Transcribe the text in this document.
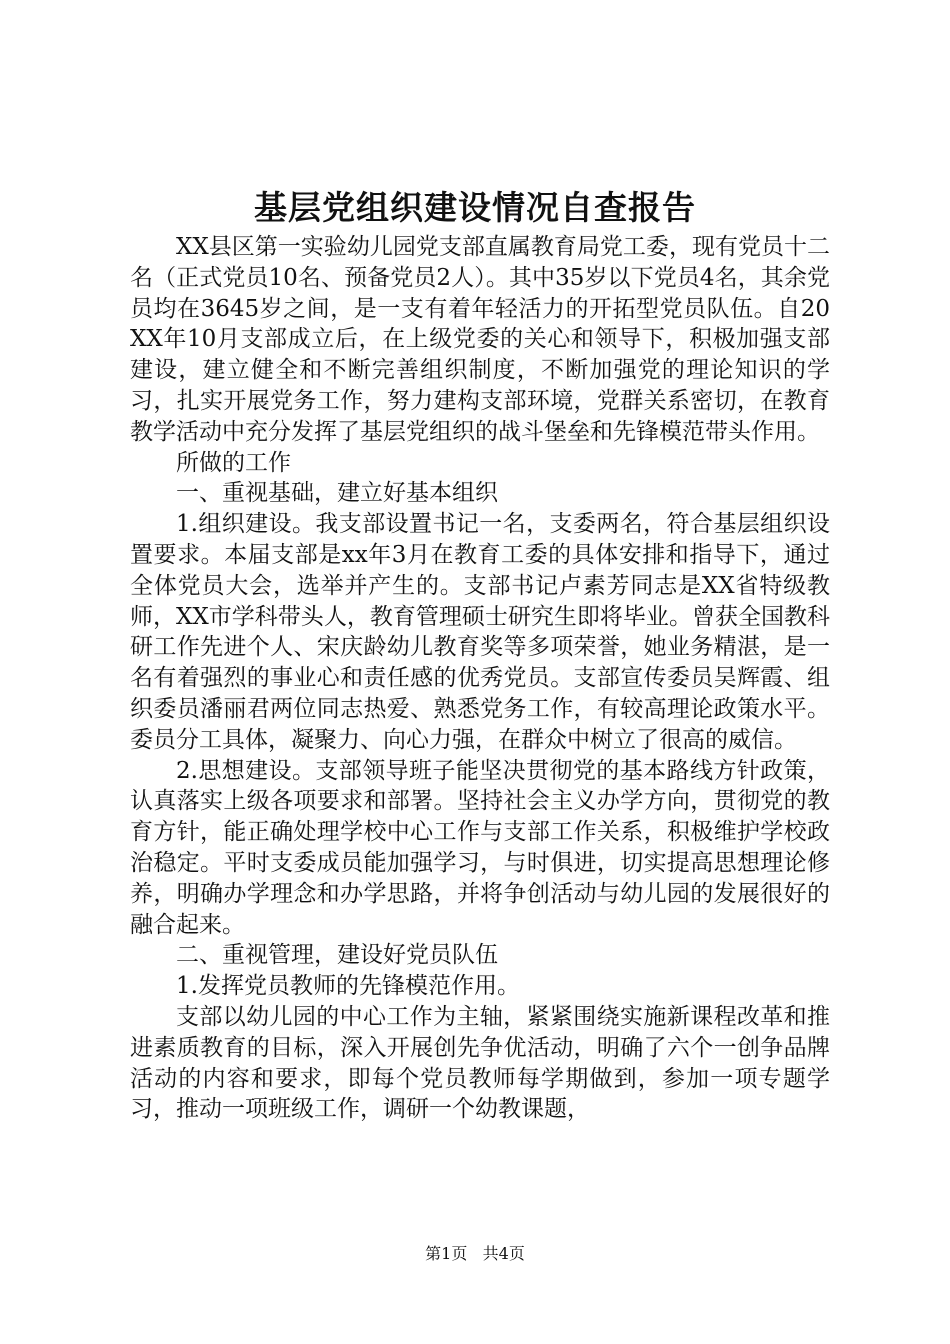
基层党组织建设情况自查报告

XX县区第一实验幼儿园党支部直属教育局党工委，现有党员十二名（正式党员10名、预备党员2人）。其中35岁以下党员4名，其余党员均在3645岁之间，是一支有着年轻活力的开拓型党员队伍。自20XX年10月支部成立后，在上级党委的关心和领导下，积极加强支部建设，建立健全和不断完善组织制度，不断加强党的理论知识的学习，扎实开展党务工作，努力建构支部环境，党群关系密切，在教育教学活动中充分发挥了基层党组织的战斗堡垒和先锋模范带头作用。

所做的工作

一、重视基础，建立好基本组织

1.组织建设。我支部设置书记一名，支委两名，符合基层组织设置要求。本届支部是xx年3月在教育工委的具体安排和指导下，通过全体党员大会，选举并产生的。支部书记卢素芳同志是XX省特级教师，XX市学科带头人，教育管理硕士研究生即将毕业。曾获全国教科研工作先进个人、宋庆龄幼儿教育奖等多项荣誉，她业务精湛，是一名有着强烈的事业心和责任感的优秀党员。支部宣传委员吴辉霞、组织委员潘丽君两位同志热爱、熟悉党务工作，有较高理论政策水平。委员分工具体，凝聚力、向心力强，在群众中树立了很高的威信。

2.思想建设。支部领导班子能坚决贯彻党的基本路线方针政策，认真落实上级各项要求和部署。坚持社会主义办学方向，贯彻党的教育方针，能正确处理学校中心工作与支部工作关系，积极维护学校政治稳定。平时支委成员能加强学习，与时俱进，切实提高思想理论修养，明确办学理念和办学思路，并将争创活动与幼儿园的发展很好的融合起来。

二、重视管理，建设好党员队伍

1.发挥党员教师的先锋模范作用。

支部以幼儿园的中心工作为主轴，紧紧围绕实施新课程改革和推进素质教育的目标，深入开展创先争优活动，明确了六个一创争品牌活动的内容和要求，即每个党员教师每学期做到，参加一项专题学习，推动一项班级工作，调研一个幼教课题，

第1页 共4页
